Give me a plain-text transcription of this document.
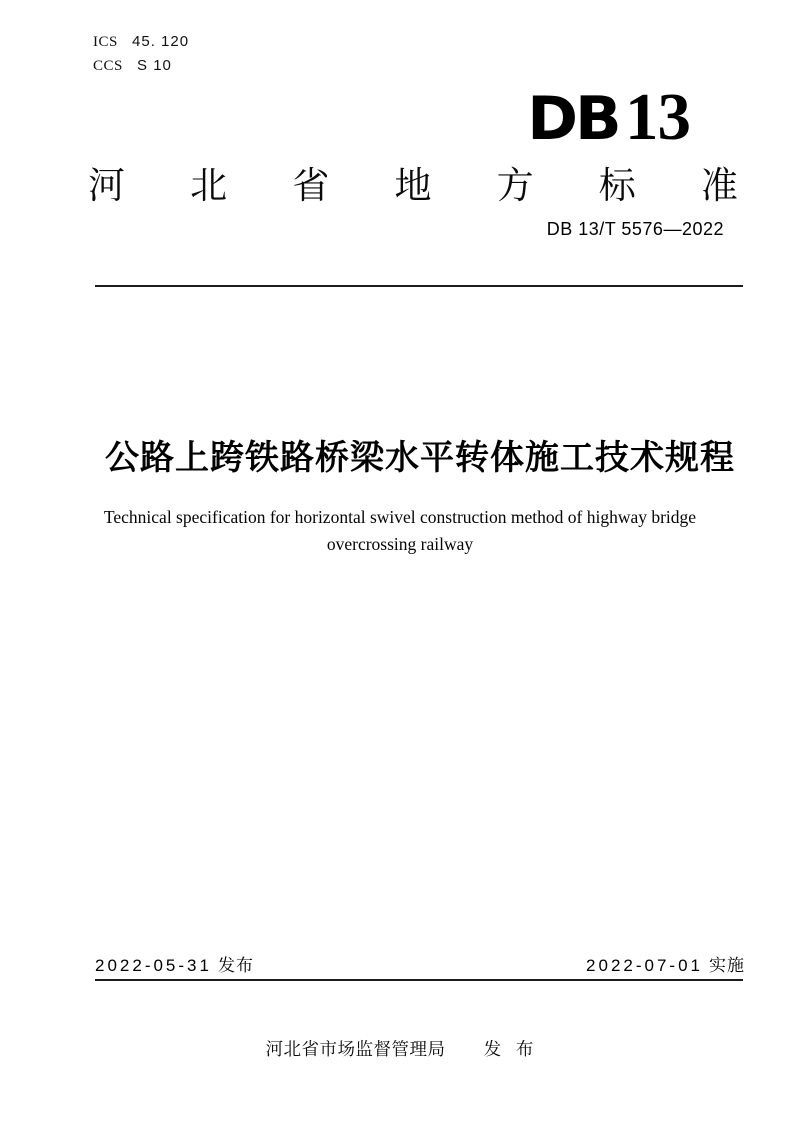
ICS 45. 120
CCS S 10
DB13
河 北 省 地 方 标 准
DB 13/T 5576—2022
公路上跨铁路桥梁水平转体施工技术规程
Technical specification for horizontal swivel construction method of highway bridge
overcrossing railway
2022-05-31 发布	2022-07-01 实施
河北省市场监督管理局 发 布
